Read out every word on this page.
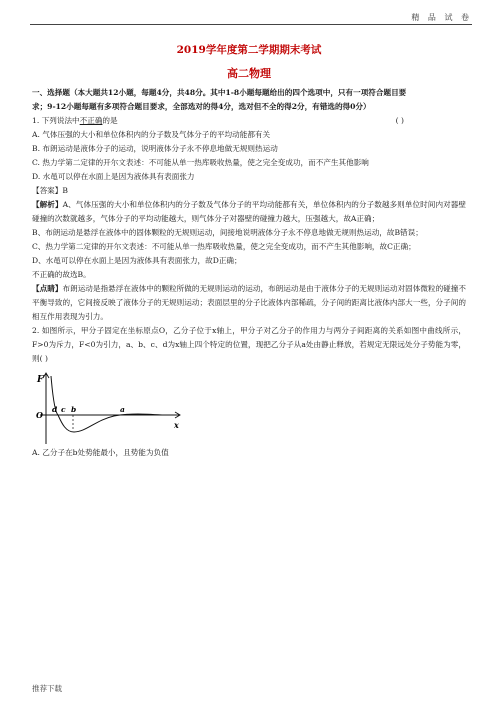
精 品 试 卷
2019学年度第二学期期末考试
高二物理
一、选择题（本大题共12小题，每题4分，共48分。其中1-8小题每题给出的四个选项中，只有一项符合题目要
求；9-12小题每题有多项符合题目要求，全部选对的得4分，选对但不全的得2分，有错选的得0分）
1. 下列说法中不正确的是	( )
A. 气体压强的大小和单位体积内的分子数及气体分子的平均动能都有关
B. 布朗运动是液体分子的运动，说明液体分子永不停息地做无规则热运动
C. 热力学第二定律的开尔文表述：不可能从单一热库吸收热量，使之完全变成功，而不产生其他影响
D. 水黾可以停在水面上是因为液体具有表面张力
【答案】B
【解析】A、气体压强的大小和单位体积内的分子数及气体分子的平均动能都有关，单位体积内的分子数越多则单位时间内对器壁碰撞的次数就越多，气体分子的平均动能越大，则气体分子对器壁的碰撞力越大，压强越大，故A正确；
B、布朗运动是悬浮在液体中的固体颗粒的无规则运动，间接地说明液体分子永不停息地做无规则热运动，故B错误；
C、热力学第二定律的开尔文表述：不可能从单一热库吸收热量，使之完全变成功，而不产生其他影响，故C正确；
D、水黾可以停在水面上是因为液体具有表面张力，故D正确；
不正确的故选B。
【点睛】布朗运动是指悬浮在液体中的颗粒所做的无规则运动的运动，布朗运动是由于液体分子的无规则运动对固体微粒的碰撞不平衡导致的，它间接反映了液体分子的无规则运动；表面层里的分子比液体内部稀疏，分子间的距离比液体内部大一些，分子间的相互作用表现为引力。
2. 如图所示，甲分子固定在坐标原点O，乙分子位于x轴上，甲分子对乙分子的作用力与两分子间距离的关系如图中曲线所示，F>0为斥力，F<0为引力，a、b、c、d为x轴上四个特定的位置，现把乙分子从a处由静止释放，若规定无限远处分子势能为零，则( )
F
O
d c b	a
x
A. 乙分子在b处势能最小，且势能为负值
推荐下载
